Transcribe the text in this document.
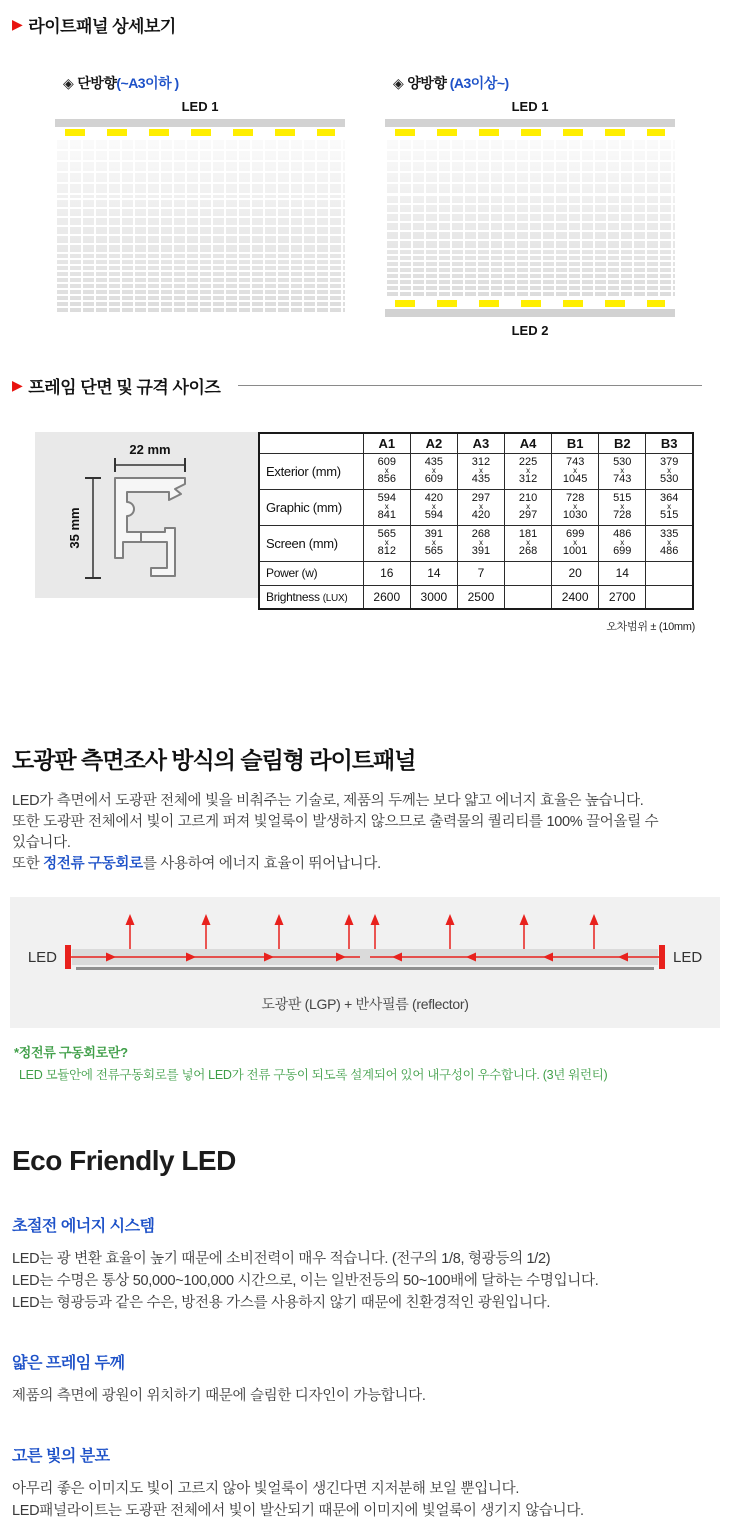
▶ 라이트패널 상세보기
◈ 단방향(~A3이하 )
LED 1
◈ 양방향 (A3이상~)
LED 1
LED 2
▶ 프레임 단면 및 규격 사이즈
22 mm
35 mm
	A1	A2	A3	A4	B1	B2	B3
Exterior (mm)	609
x
856	435
x
609	312
x
435	225
x
312	743
x
1045	530
x
743	379
x
530

Graphic (mm)	594
x
841	420
x
594	297
x
420	210
x
297	728
x
1030	515
x
728	364
x
515

Screen (mm)	565
x
812	391
x
565	268
x
391	181
x
268	699
x
1001	486
x
699	335
x
486

Power (w)	16	14	7		20	14	
Brightness (LUX)	2600	3000	2500		2400	2700	
오차범위 ± (10mm)
도광판 측면조사 방식의 슬림형 라이트패널
LED가 측면에서 도광판 전체에 빛을 비춰주는 기술로, 제품의 두께는 보다 얇고 에너지 효율은 높습니다.
또한 도광판 전체에서 빛이 고르게 퍼져 빛얼룩이 발생하지 않으므로 출력물의 퀄리티를 100% 끌어올릴 수
있습니다.
또한 정전류 구동회로를 사용하여 에너지 효율이 뛰어납니다.
LED	LED
도광판 (LGP) + 반사필름 (reflector)
*정전류 구동회로란?
LED 모듈안에 전류구동회로를 넣어 LED가 전류 구동이 되도록 설계되어 있어 내구성이 우수합니다. (3년 워런티)
Eco Friendly LED
초절전 에너지 시스템
LED는 광 변환 효율이 높기 때문에 소비전력이 매우 적습니다. (전구의 1/8, 형광등의 1/2)
LED는 수명은 통상 50,000~100,000 시간으로, 이는 일반전등의 50~100배에 달하는 수명입니다.
LED는 형광등과 같은 수은, 방전용 가스를 사용하지 않기 때문에 친환경적인 광원입니다.
얇은 프레임 두께
제품의 측면에 광원이 위치하기 때문에 슬림한 디자인이 가능합니다.
고른 빛의 분포
아무리 좋은 이미지도 빛이 고르지 않아 빛얼룩이 생긴다면 지저분해 보일 뿐입니다.
LED패널라이트는 도광판 전체에서 빛이 발산되기 때문에 이미지에 빛얼룩이 생기지 않습니다.
